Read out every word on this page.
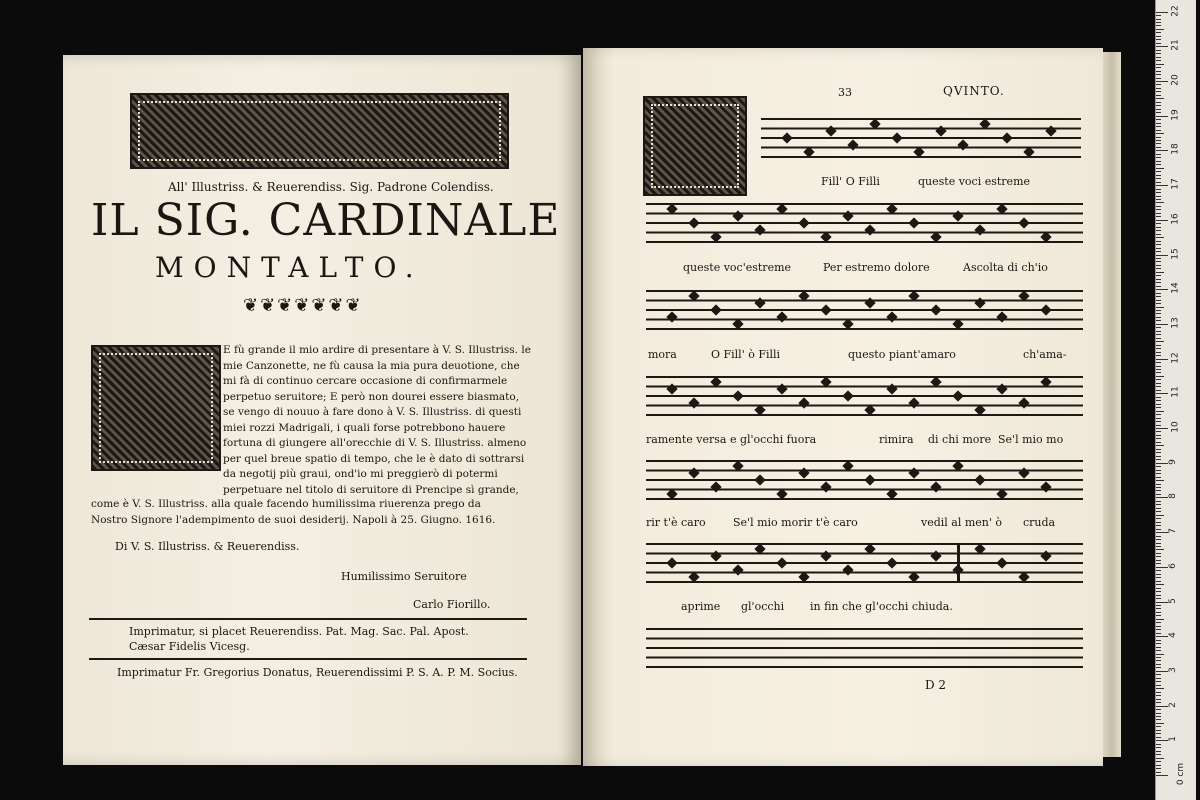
All' Illustriss. & Reuerendiss. Sig. Padrone Colendiss.
IL SIG. CARDINALE
MONTALTO.
❦❦❦❦❦❦❦
E fù grande il mio ardire di presentare à V. S. Illustriss. le
mie Canzonette, ne fù causa la mia pura deuotione, che
mi fà di continuo cercare occasione di confirmarmele
perpetuo seruitore; E però non dourei essere biasmato,
se vengo di nouuo à fare dono à V. S. Illustriss. di questi
miei rozzi Madrigali, i quali forse potrebbono hauere
fortuna di giungere all'orecchie di V. S. Illustriss. almeno
per quel breue spatio di tempo, che le è dato di sottrarsi
da negotij più graui, ond'io mi preggierò di potermi
perpetuare nel titolo di seruitore di Prencipe sì grande,
come è V. S. Illustriss. alla quale facendo humilissima riuerenza prego da
Nostro Signore l'adempimento de suoi desiderij. Napoli à 25. Giugno. 1616.
Di V. S. Illustriss. & Reuerendiss.
Humilissimo Seruitore
Carlo Fiorillo.
Imprimatur, si placet Reuerendiss. Pat. Mag. Sac. Pal. Apost.
Cæsar Fidelis Vicesg.
Imprimatur Fr. Gregorius Donatus, Reuerendissimi P. S. A. P. M. Socius.
33	QVINTO.
Fill' O Filli	queste voci estreme
queste voc'estreme	Per estremo dolore	Ascolta di ch'io
mora	O Fill' ò Filli	questo piant'amaro	ch'ama-
ramente versa e gl'occhi fuora	rimira di chi more Se'l mio mo
rir t'è caro Se'l mio morir t'è caro	vedil al men' ò cruda
aprime gl'occhi in fin che gl'occhi chiuda.
D 2
0 cm
1
2
3
4
5
6
7
8
9
10
11
12
13
14
15
16
17
18
19
20
21
22
